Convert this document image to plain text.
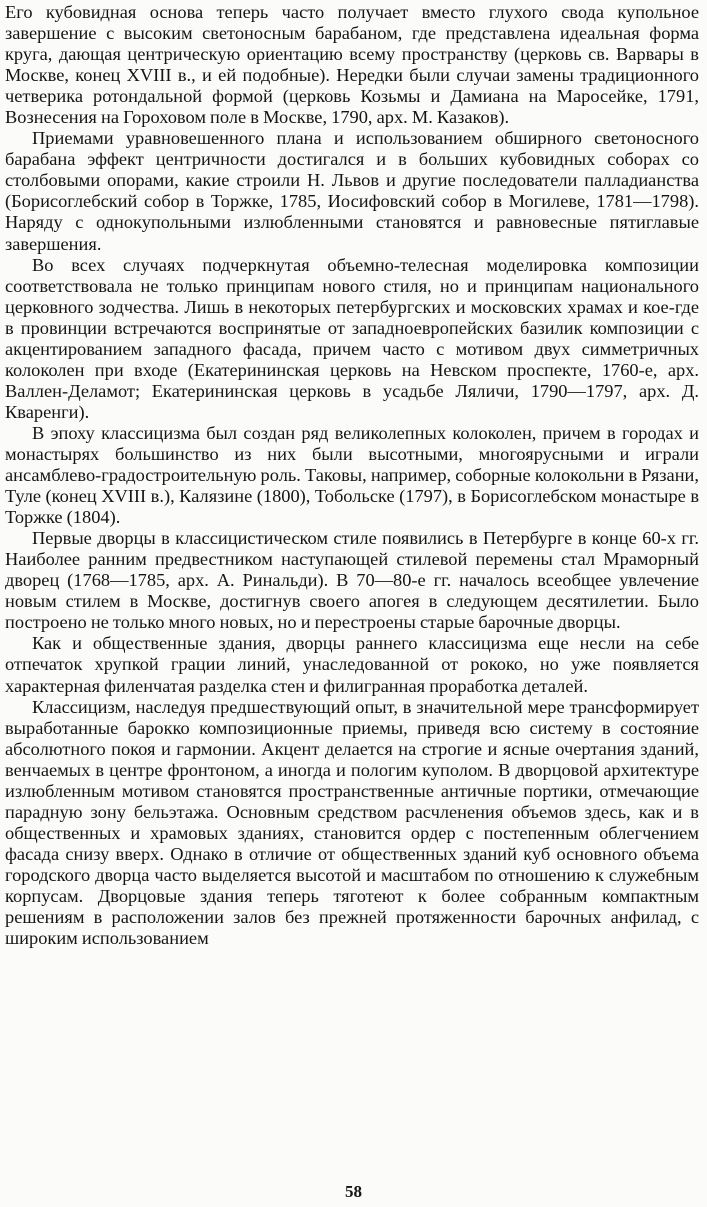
Его кубовидная основа теперь часто получает вместо глухого свода купольное завершение с высоким светоносным барабаном, где представлена идеальная форма круга, дающая центрическую ориентацию всему пространству (церковь св. Варвары в Москве, конец XVIII в., и ей подобные). Нередки были случаи замены традиционного четверика ротондальной формой (церковь Козьмы и Дамиана на Маросейке, 1791, Вознесения на Гороховом поле в Москве, 1790, арх. М. Казаков).

Приемами уравновешенного плана и использованием обширного светоносного барабана эффект центричности достигался и в больших кубовидных соборах со столбовыми опорами, какие строили Н. Львов и другие последователи палладианства (Борисоглебский собор в Торжке, 1785, Иосифовский собор в Могилеве, 1781—1798). Наряду с однокупольными излюбленными становятся и равновесные пятиглавые завершения.

Во всех случаях подчеркнутая объемно-телесная моделировка композиции соответствовала не только принципам нового стиля, но и принципам национального церковного зодчества. Лишь в некоторых петербургских и московских храмах и кое-где в провинции встречаются воспринятые от западноевропейских базилик композиции с акцентированием западного фасада, причем часто с мотивом двух симметричных колоколен при входе (Екатерининская церковь на Невском проспекте, 1760-е, арх. Валлен-Деламот; Екатерининская церковь в усадьбе Ляличи, 1790—1797, арх. Д. Кваренги).

В эпоху классицизма был создан ряд великолепных колоколен, причем в городах и монастырях большинство из них были высотными, многоярусными и играли ансамблево-градостроительную роль. Таковы, например, соборные колокольни в Рязани, Туле (конец XVIII в.), Калязине (1800), Тобольске (1797), в Борисоглебском монастыре в Торжке (1804).

Первые дворцы в классицистическом стиле появились в Петербурге в конце 60-х гг. Наиболее ранним предвестником наступающей стилевой перемены стал Мраморный дворец (1768—1785, арх. А. Ринальди). В 70—80-е гг. началось всеобщее увлечение новым стилем в Москве, достигнув своего апогея в следующем десятилетии. Было построено не только много новых, но и перестроены старые барочные дворцы.

Как и общественные здания, дворцы раннего классицизма еще несли на себе отпечаток хрупкой грации линий, унаследованной от рококо, но уже появляется характерная филенчатая разделка стен и филигранная проработка деталей.

Классицизм, наследуя предшествующий опыт, в значительной мере трансформирует выработанные барокко композиционные приемы, приведя всю систему в состояние абсолютного покоя и гармонии. Акцент делается на строгие и ясные очертания зданий, венчаемых в центре фронтоном, а иногда и пологим куполом. В дворцовой архитектуре излюбленным мотивом становятся пространственные античные портики, отмечающие парадную зону бельэтажа. Основным средством расчленения объемов здесь, как и в общественных и храмовых зданиях, становится ордер с постепенным облегчением фасада снизу вверх. Однако в отличие от общественных зданий куб основного объема городского дворца часто выделяется высотой и масштабом по отношению к служебным корпусам. Дворцовые здания теперь тяготеют к более собранным компактным решениям в расположении залов без прежней протяженности барочных анфилад, с широким использованием

58
